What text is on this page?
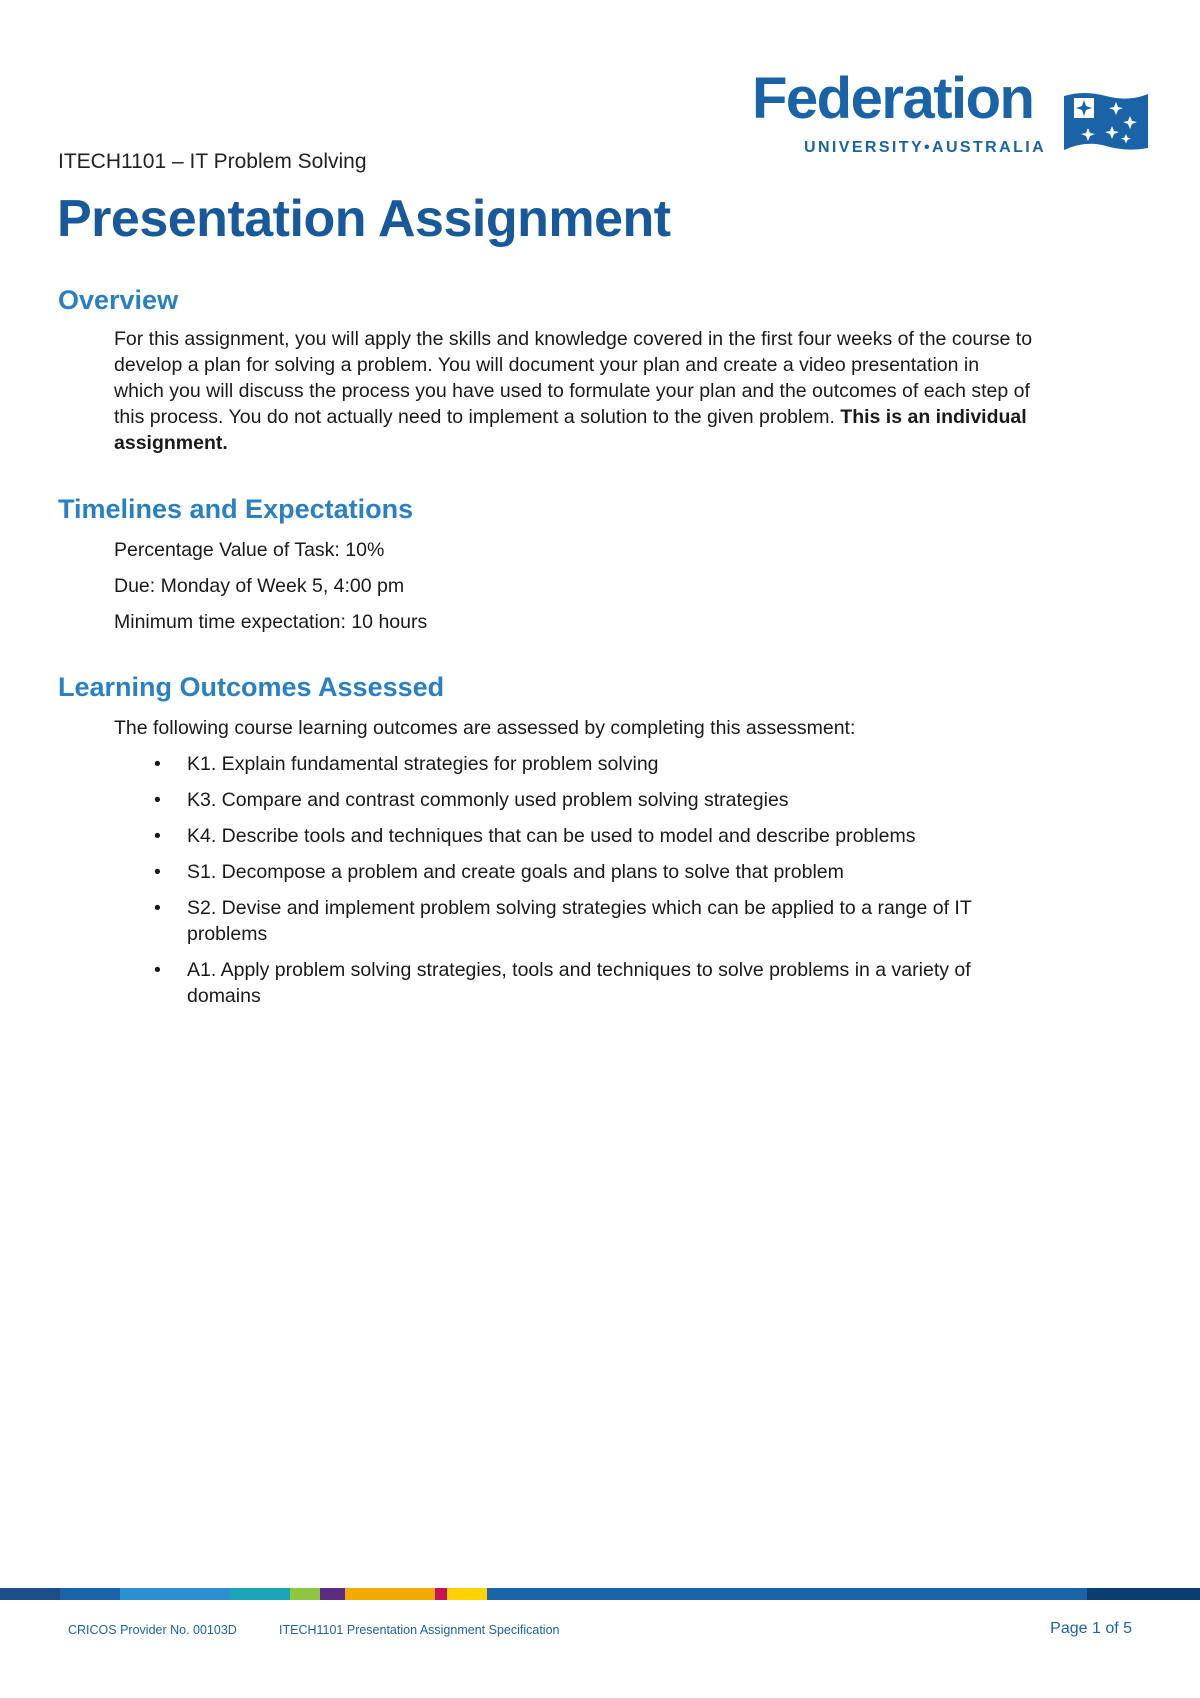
Federation
UNIVERSITY•AUSTRALIA
ITECH1101 – IT Problem Solving
Presentation Assignment
Overview

For this assignment, you will apply the skills and knowledge covered in the first four weeks of the course to develop a plan for solving a problem. You will document your plan and create a video presentation in which you will discuss the process you have used to formulate your plan and the outcomes of each step of this process. You do not actually need to implement a solution to the given problem. This is an individual assignment.

Timelines and Expectations

Percentage Value of Task: 10%

Due: Monday of Week 5, 4:00 pm

Minimum time expectation: 10 hours

Learning Outcomes Assessed

The following course learning outcomes are assessed by completing this assessment:

• K1. Explain fundamental strategies for problem solving
• K3. Compare and contrast commonly used problem solving strategies
• K4. Describe tools and techniques that can be used to model and describe problems
• S1. Decompose a problem and create goals and plans to solve that problem
• S2. Devise and implement problem solving strategies which can be applied to a range of IT problems
• A1. Apply problem solving strategies, tools and techniques to solve problems in a variety of domains
CRICOS Provider No. 00103D	ITECH1101 Presentation Assignment Specification	Page 1 of 5
